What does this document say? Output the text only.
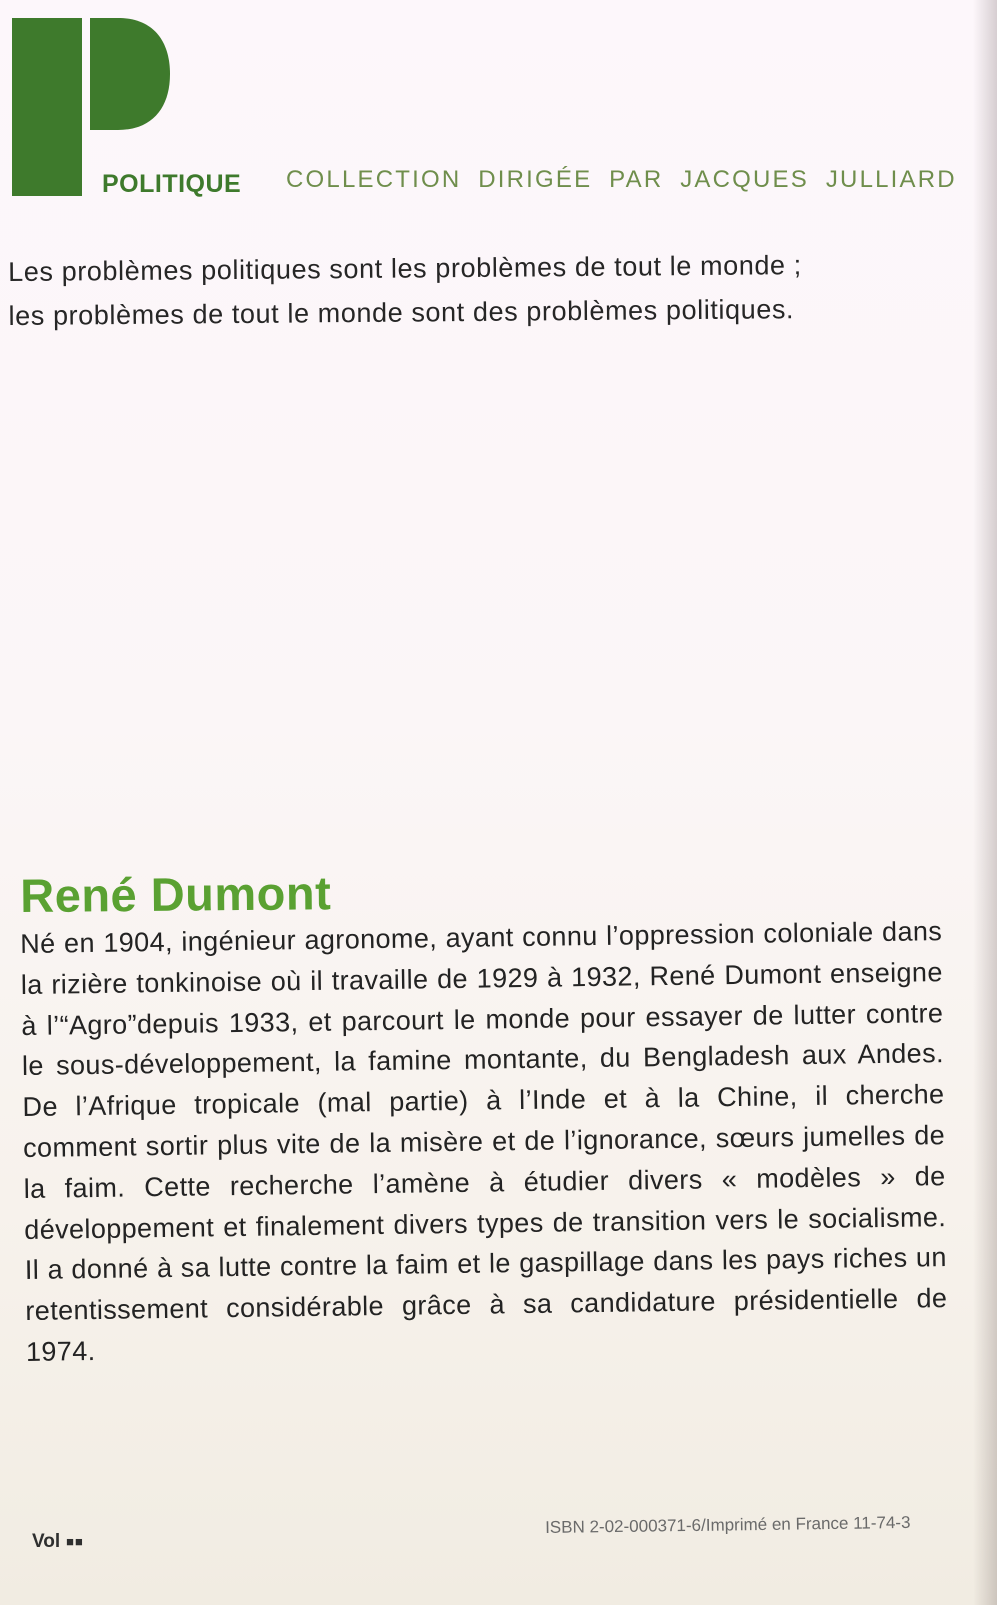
POLITIQUE COLLECTION DIRIGÉE PAR JACQUES JULLIARD
Les problèmes politiques sont les problèmes de tout le monde ;
les problèmes de tout le monde sont des problèmes politiques.
René Dumont
Né en 1904, ingénieur agronome, ayant connu l’oppression coloniale dans la rizière tonkinoise où il travaille de 1929 à 1932, René Dumont enseigne à l’“Agro”depuis 1933, et parcourt le monde pour essayer de lutter contre le sous-développement, la famine montante, du Bengladesh aux Andes. De l’Afrique tropicale (mal partie) à l’Inde et à la Chine, il cherche comment sortir plus vite de la misère et de l’ignorance, sœurs jumelles de la faim. Cette recherche l’amène à étudier divers « modèles » de développement et finalement divers types de transition vers le socialisme. Il a donné à sa lutte contre la faim et le gaspillage dans les pays riches un retentissement considérable grâce à sa candidature présidentielle de 1974.
Vol ■■
ISBN 2-02-000371-6/Imprimé en France 11-74-3
